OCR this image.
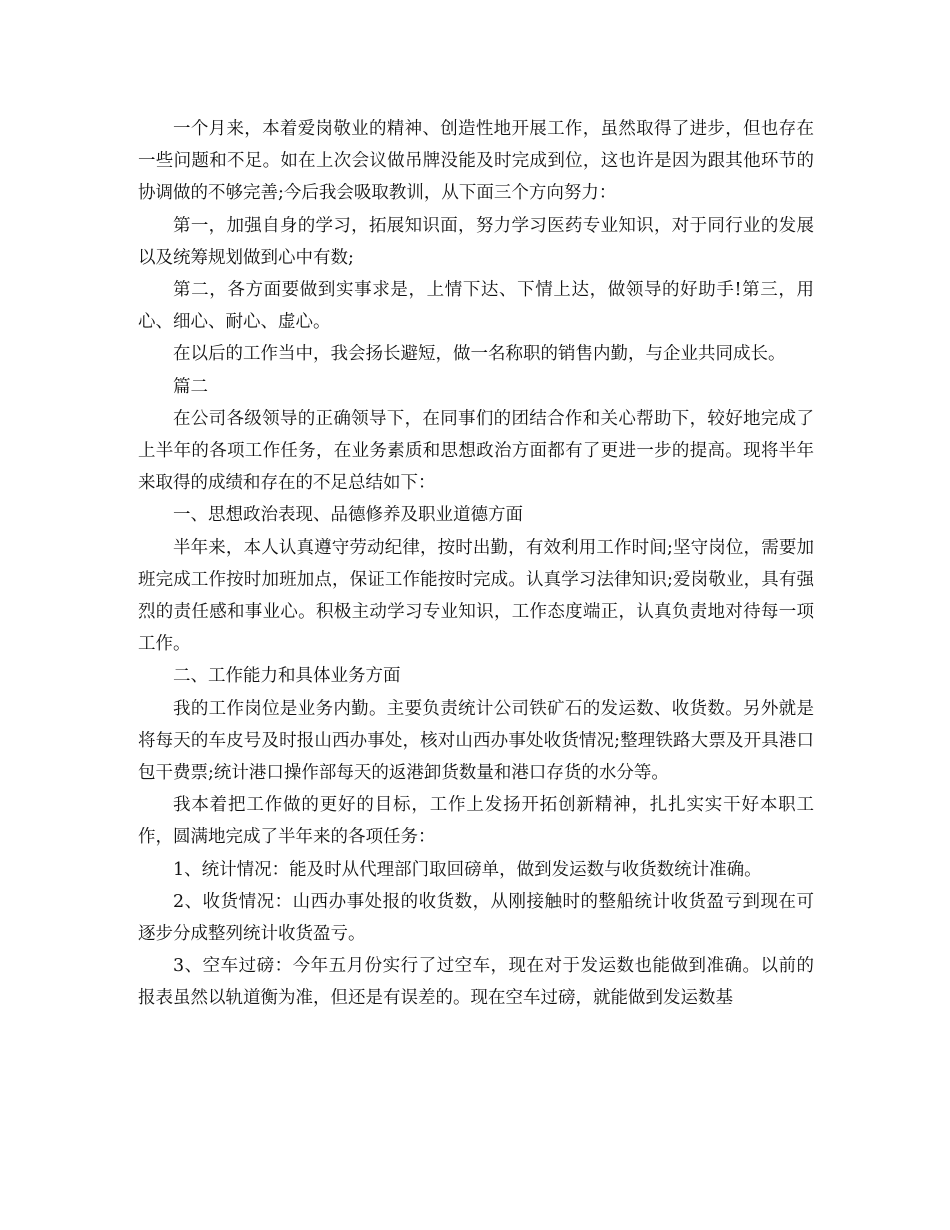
一个月来，本着爱岗敬业的精神、创造性地开展工作，虽然取得了进步，但也存在一些问题和不足。如在上次会议做吊牌没能及时完成到位，这也许是因为跟其他环节的协调做的不够完善;今后我会吸取教训，从下面三个方向努力：

第一，加强自身的学习，拓展知识面，努力学习医药专业知识，对于同行业的发展以及统筹规划做到心中有数;

第二，各方面要做到实事求是，上情下达、下情上达，做领导的好助手!第三，用心、细心、耐心、虚心。

在以后的工作当中，我会扬长避短，做一名称职的销售内勤，与企业共同成长。

篇二

在公司各级领导的正确领导下，在同事们的团结合作和关心帮助下，较好地完成了上半年的各项工作任务，在业务素质和思想政治方面都有了更进一步的提高。现将半年来取得的成绩和存在的不足总结如下：

一、思想政治表现、品德修养及职业道德方面

半年来，本人认真遵守劳动纪律，按时出勤，有效利用工作时间;坚守岗位，需要加班完成工作按时加班加点，保证工作能按时完成。认真学习法律知识;爱岗敬业，具有强烈的责任感和事业心。积极主动学习专业知识，工作态度端正，认真负责地对待每一项工作。

二、工作能力和具体业务方面

我的工作岗位是业务内勤。主要负责统计公司铁矿石的发运数、收货数。另外就是将每天的车皮号及时报山西办事处，核对山西办事处收货情况;整理铁路大票及开具港口包干费票;统计港口操作部每天的返港卸货数量和港口存货的水分等。

我本着把工作做的更好的目标，工作上发扬开拓创新精神，扎扎实实干好本职工作，圆满地完成了半年来的各项任务：

1、统计情况：能及时从代理部门取回磅单，做到发运数与收货数统计准确。

2、收货情况：山西办事处报的收货数，从刚接触时的整船统计收货盈亏到现在可逐步分成整列统计收货盈亏。

3、空车过磅：今年五月份实行了过空车，现在对于发运数也能做到准确。以前的报表虽然以轨道衡为准，但还是有误差的。现在空车过磅，就能做到发运数基
